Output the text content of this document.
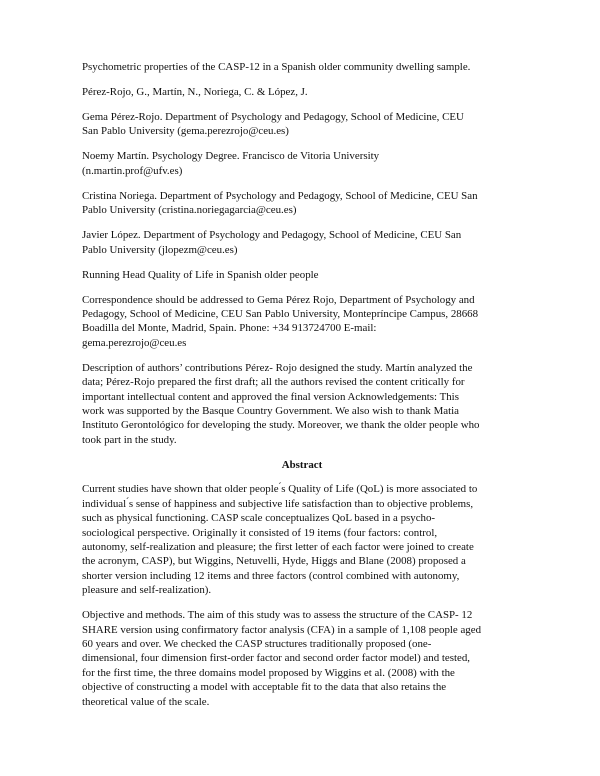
Psychometric properties of the CASP-12 in a Spanish older community dwelling sample.

Pérez-Rojo, G., Martín, N., Noriega, C. & López, J.

Gema Pérez-Rojo. Department of Psychology and Pedagogy, School of Medicine, CEU
San Pablo University (gema.perezrojo@ceu.es)

Noemy Martín. Psychology Degree. Francisco de Vitoria University
(n.martin.prof@ufv.es)

Cristina Noriega. Department of Psychology and Pedagogy, School of Medicine, CEU San
Pablo University (cristina.noriegagarcia@ceu.es)

Javier López. Department of Psychology and Pedagogy, School of Medicine, CEU San
Pablo University (jlopezm@ceu.es)

Running Head Quality of Life in Spanish older people

Correspondence should be addressed to Gema Pérez Rojo, Department of Psychology and
Pedagogy, School of Medicine, CEU San Pablo University, Montepríncipe Campus, 28668
Boadilla del Monte, Madrid, Spain. Phone: +34 913724700 E-mail:
gema.perezrojo@ceu.es

Description of authors’ contributions Pérez- Rojo designed the study. Martín analyzed the
data; Pérez-Rojo prepared the first draft; all the authors revised the content critically for
important intellectual content and approved the final version Acknowledgements: This
work was supported by the Basque Country Government. We also wish to thank Matia
Instituto Gerontológico for developing the study. Moreover, we thank the older people who
took part in the study.

Abstract

Current studies have shown that older people ́s Quality of Life (QoL) is more associated to
individual ́s sense of happiness and subjective life satisfaction than to objective problems,
such as physical functioning. CASP scale conceptualizes QoL based in a psycho-
sociological perspective. Originally it consisted of 19 items (four factors: control,
autonomy, self-realization and pleasure; the first letter of each factor were joined to create
the acronym, CASP), but Wiggins, Netuvelli, Hyde, Higgs and Blane (2008) proposed a
shorter version including 12 items and three factors (control combined with autonomy,
pleasure and self-realization).

Objective and methods. The aim of this study was to assess the structure of the CASP- 12
SHARE version using confirmatory factor analysis (CFA) in a sample of 1,108 people aged
60 years and over. We checked the CASP structures traditionally proposed (one-
dimensional, four dimension first-order factor and second order factor model) and tested,
for the first time, the three domains model proposed by Wiggins et al. (2008) with the
objective of constructing a model with acceptable fit to the data that also retains the
theoretical value of the scale.
